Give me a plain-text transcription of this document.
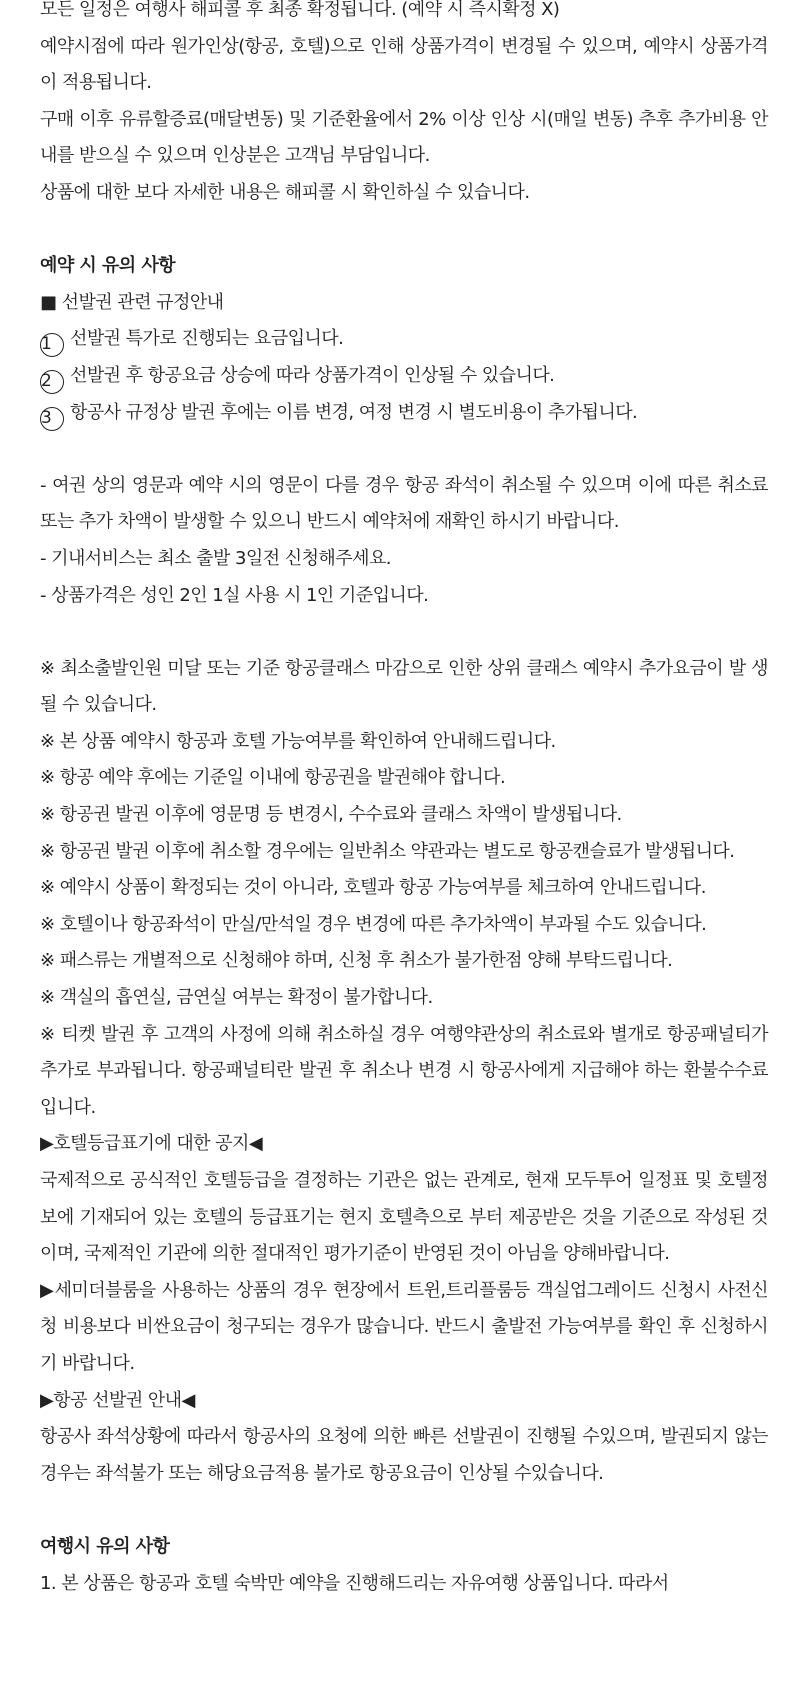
모든 일정은 여행사 해피콜 후 최종 확정됩니다. (예약 시 즉시확정 X)

예약시점에 따라 원가인상(항공, 호텔)으로 인해 상품가격이 변경될 수 있으며, 예약시 상품가격이 적용됩니다.

구매 이후 유류할증료(매달변동) 및 기준환율에서 2% 이상 인상 시(매일 변동) 추후 추가비용 안내를 받으실 수 있으며 인상분은 고객님 부담입니다.

상품에 대한 보다 자세한 내용은 해피콜 시 확인하실 수 있습니다.

예약 시 유의 사항

■ 선발권 관련 규정안내

1 선발권 특가로 진행되는 요금입니다.

2 선발권 후 항공요금 상승에 따라 상품가격이 인상될 수 있습니다.

3 항공사 규정상 발권 후에는 이름 변경, 여정 변경 시 별도비용이 추가됩니다.

- 여권 상의 영문과 예약 시의 영문이 다를 경우 항공 좌석이 취소될 수 있으며 이에 따른 취소료 또는 추가 차액이 발생할 수 있으니 반드시 예약처에 재확인 하시기 바랍니다.

- 기내서비스는 최소 출발 3일전 신청해주세요.

- 상품가격은 성인 2인 1실 사용 시 1인 기준입니다.

※ 최소출발인원 미달 또는 기준 항공클래스 마감으로 인한 상위 클래스 예약시 추가요금이 발 생될 수 있습니다.

※ 본 상품 예약시 항공과 호텔 가능여부를 확인하여 안내해드립니다.

※ 항공 예약 후에는 기준일 이내에 항공권을 발권해야 합니다.

※ 항공권 발권 이후에 영문명 등 변경시, 수수료와 클래스 차액이 발생됩니다.

※ 항공권 발권 이후에 취소할 경우에는 일반취소 약관과는 별도로 항공캔슬료가 발생됩니다.

※ 예약시 상품이 확정되는 것이 아니라, 호텔과 항공 가능여부를 체크하여 안내드립니다.

※ 호텔이나 항공좌석이 만실/만석일 경우 변경에 따른 추가차액이 부과될 수도 있습니다.

※ 패스류는 개별적으로 신청해야 하며, 신청 후 취소가 불가한점 양해 부탁드립니다.

※ 객실의 흡연실, 금연실 여부는 확정이 불가합니다.

※ 티켓 발권 후 고객의 사정에 의해 취소하실 경우 여행약관상의 취소료와 별개로 항공패널티가 추가로 부과됩니다. 항공패널티란 발권 후 취소나 변경 시 항공사에게 지급해야 하는 환불수수료입니다.

▶호텔등급표기에 대한 공지◀

국제적으로 공식적인 호텔등급을 결정하는 기관은 없는 관계로, 현재 모두투어 일정표 및 호텔정보에 기재되어 있는 호텔의 등급표기는 현지 호텔측으로 부터 제공받은 것을 기준으로 작성된 것이며, 국제적인 기관에 의한 절대적인 평가기준이 반영된 것이 아님을 양해바랍니다.

▶세미더블룸을 사용하는 상품의 경우 현장에서 트윈,트리플룸등 객실업그레이드 신청시 사전신청 비용보다 비싼요금이 청구되는 경우가 많습니다. 반드시 출발전 가능여부를 확인 후 신청하시기 바랍니다.

▶항공 선발권 안내◀

항공사 좌석상황에 따라서 항공사의 요청에 의한 빠른 선발권이 진행될 수있으며, 발권되지 않는 경우는 좌석불가 또는 해당요금적용 불가로 항공요금이 인상될 수있습니다.

여행시 유의 사항

1. 본 상품은 항공과 호텔 숙박만 예약을 진행해드리는 자유여행 상품입니다. 따라서
